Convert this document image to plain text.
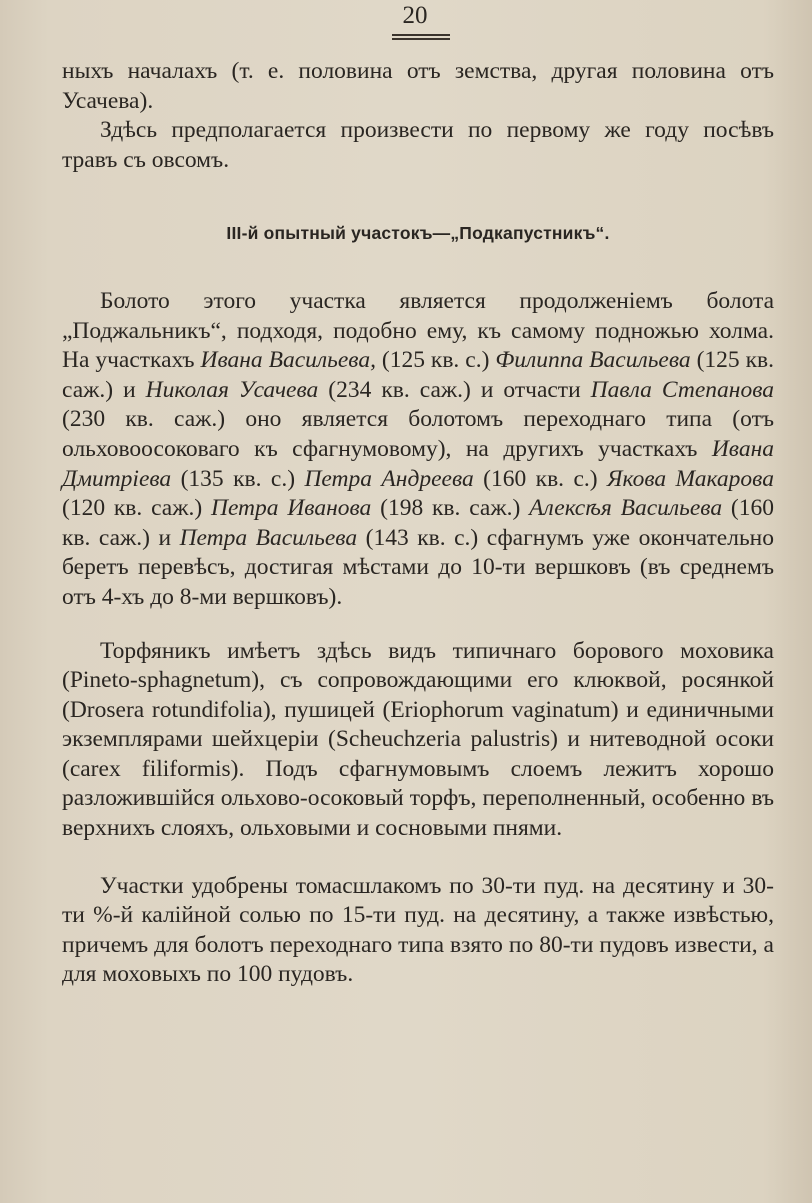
20

ныхъ началахъ (т. е. половина отъ земства, другая половина отъ Усачева).

Здѣсь предполагается произвести по первому же году посѣвъ травъ съ овсомъ.

III-й опытный участокъ—„Подкапустникъ“.

Болото этого участка является продолженіемъ болота „Поджальникъ“, подходя, подобно ему, къ самому подножью холма. На участкахъ Ивана Васильева, (125 кв. с.) Филиппа Васильева (125 кв. саж.) и Николая Усачева (234 кв. саж.) и отчасти Павла Степанова (230 кв. саж.) оно является болотомъ переходнаго типа (отъ ольховоосоковаго къ сфагнумовому), на другихъ участкахъ Ивана Дмитріева (135 кв. с.) Петра Андреева (160 кв. с.) Якова Макарова (120 кв. саж.) Петра Иванова (198 кв. саж.) Алексѣя Васильева (160 кв. саж.) и Петра Васильева (143 кв. с.) сфагнумъ уже окончательно беретъ перевѣсъ, достигая мѣстами до 10-ти вершковъ (въ среднемъ отъ 4-хъ до 8-ми вершковъ).

Торфяникъ имѣетъ здѣсь видъ типичнаго борового моховика (Pineto-sphagnetum), съ сопровождающими его клюквой, росянкой (Drosera rotundifolia), пушицей (Eriophorum vaginatum) и единичными экземплярами шейхцеріи (Scheuchzeria palustris) и нитеводной осоки (carex filiformis). Подъ сфагнумовымъ слоемъ лежитъ хорошо разложившійся ольхово-осоковый торфъ, переполненный, особенно въ верхнихъ слояхъ, ольховыми и сосновыми пнями.

Участки удобрены томасшлакомъ по 30-ти пуд. на десятину и 30-ти %-й калійной солью по 15-ти пуд. на десятину, а также извѣстью, причемъ для болотъ переходнаго типа взято по 80-ти пудовъ извести, а для моховыхъ по 100 пудовъ.
